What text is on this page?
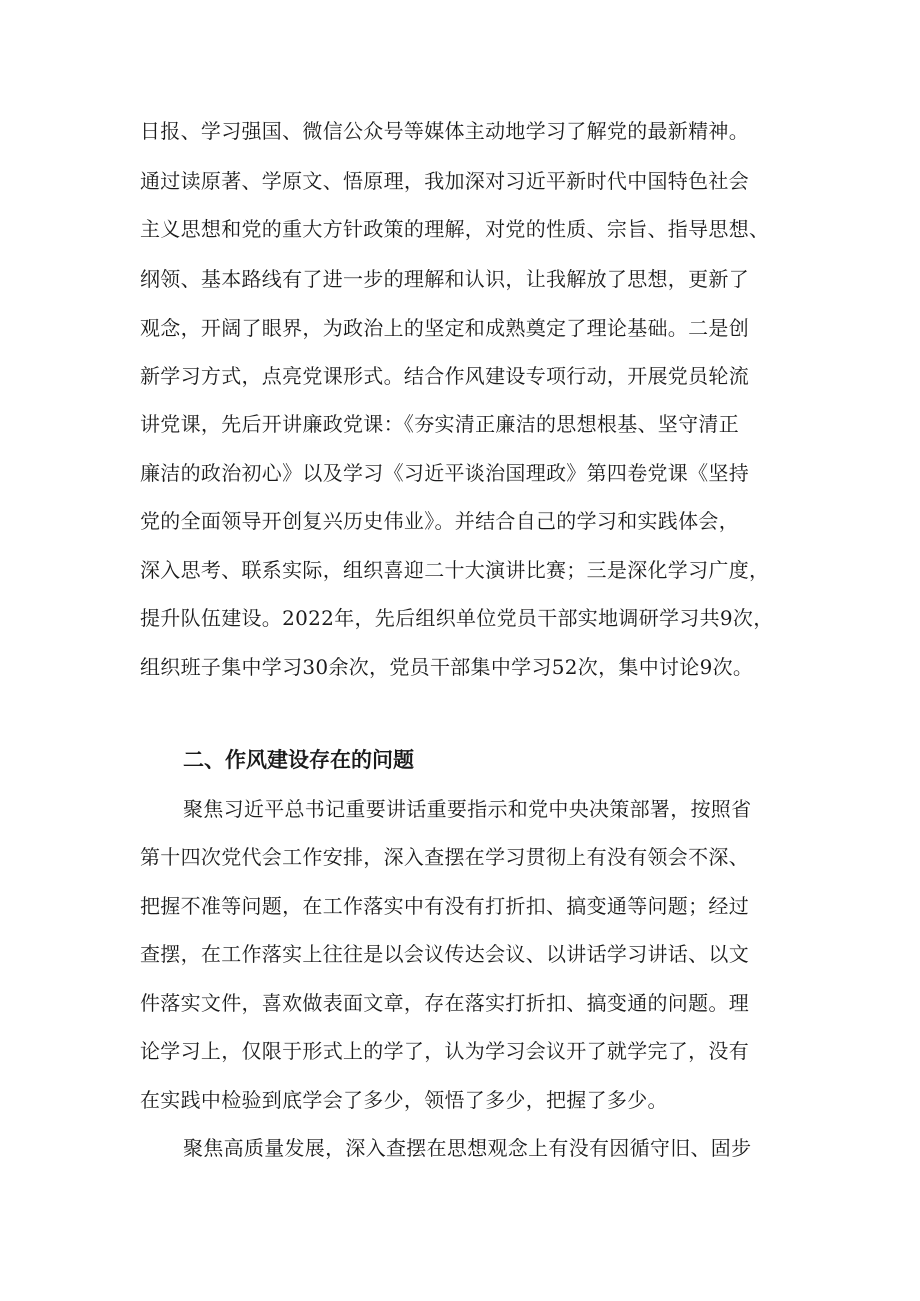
日报、学习强国、微信公众号等媒体主动地学习了解党的最新精神。
通过读原著、学原文、悟原理，我加深对习近平新时代中国特色社会
主义思想和党的重大方针政策的理解，对党的性质、宗旨、指导思想、
纲领、基本路线有了进一步的理解和认识，让我解放了思想，更新了
观念，开阔了眼界，为政治上的坚定和成熟奠定了理论基础。二是创
新学习方式，点亮党课形式。结合作风建设专项行动，开展党员轮流
讲党课，先后开讲廉政党课：《夯实清正廉洁的思想根基、坚守清正
廉洁的政治初心》以及学习《习近平谈治国理政》第四卷党课《坚持
党的全面领导开创复兴历史伟业》。并结合自己的学习和实践体会，
深入思考、联系实际，组织喜迎二十大演讲比赛；三是深化学习广度，
提升队伍建设。2022年，先后组织单位党员干部实地调研学习共9次，
组织班子集中学习30余次，党员干部集中学习52次，集中讨论9次。
二、作风建设存在的问题
聚焦习近平总书记重要讲话重要指示和党中央决策部署，按照省
第十四次党代会工作安排，深入查摆在学习贯彻上有没有领会不深、
把握不准等问题，在工作落实中有没有打折扣、搞变通等问题；经过
查摆，在工作落实上往往是以会议传达会议、以讲话学习讲话、以文
件落实文件，喜欢做表面文章，存在落实打折扣、搞变通的问题。理
论学习上，仅限于形式上的学了，认为学习会议开了就学完了，没有
在实践中检验到底学会了多少，领悟了多少，把握了多少。
聚焦高质量发展，深入查摆在思想观念上有没有因循守旧、固步
